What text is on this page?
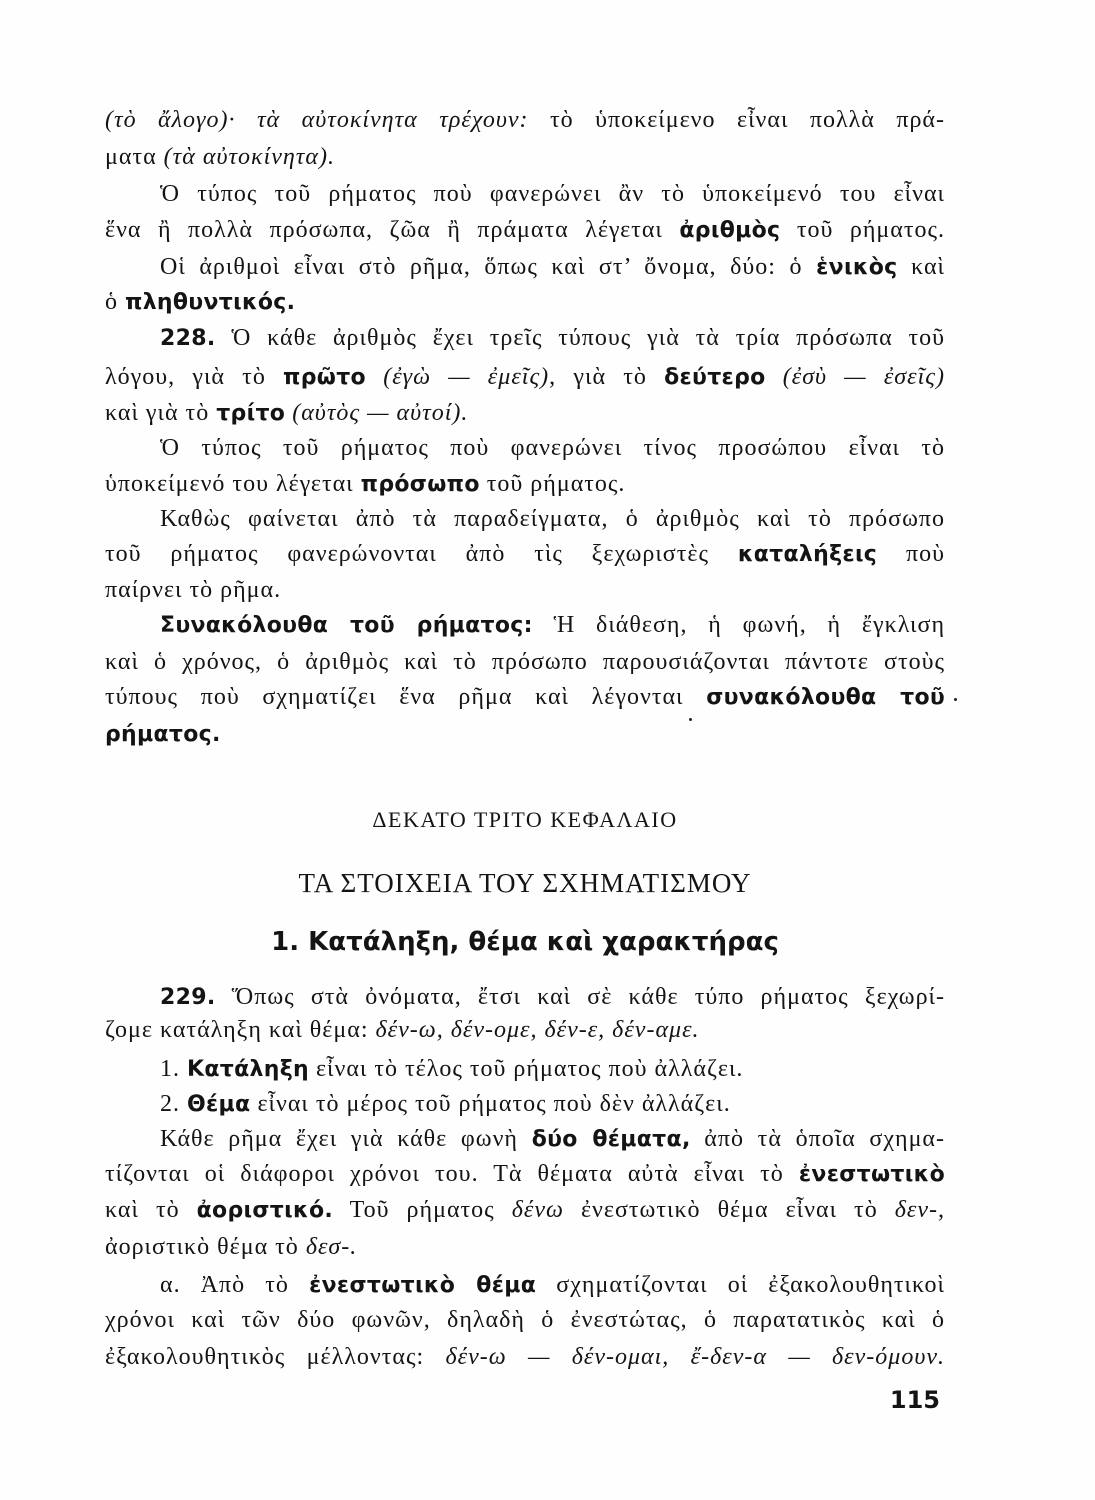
(τὸ ἄλογο)· τὰ αὐτοκίνητα τρέχουν: τὸ ὑποκείμενο εἶναι πολλὰ πρά-
ματα (τὰ αὐτοκίνητα).
Ὁ τύπος τοῦ ρήματος ποὺ φανερώνει ἂν τὸ ὑποκείμενό του εἶναι
ἕνα ἢ πολλὰ πρόσωπα, ζῶα ἢ πράματα λέγεται ἀριθμὸς τοῦ ρήματος.
Οἱ ἀριθμοὶ εἶναι στὸ ρῆμα, ὅπως καὶ στ’ ὄνομα, δύο: ὁ ἑνικὸς καὶ
ὁ πληθυντικός.
228. Ὁ κάθε ἀριθμὸς ἔχει τρεῖς τύπους γιὰ τὰ τρία πρόσωπα τοῦ
λόγου, γιὰ τὸ πρῶτο (ἐγὼ — ἐμεῖς), γιὰ τὸ δεύτερο (ἐσὺ — ἐσεῖς)
καὶ γιὰ τὸ τρίτο (αὐτὸς — αὐτοί).
Ὁ τύπος τοῦ ρήματος ποὺ φανερώνει τίνος προσώπου εἶναι τὸ
ὑποκείμενό του λέγεται πρόσωπο τοῦ ρήματος.
Καθὼς φαίνεται ἀπὸ τὰ παραδείγματα, ὁ ἀριθμὸς καὶ τὸ πρόσωπο
τοῦ ρήματος φανερώνονται ἀπὸ τὶς ξεχωριστὲς καταλήξεις ποὺ
παίρνει τὸ ρῆμα.
Συνακόλουθα τοῦ ρήματος: Ἡ διάθεση, ἡ φωνή, ἡ ἔγκλιση
καὶ ὁ χρόνος, ὁ ἀριθμὸς καὶ τὸ πρόσωπο παρουσιάζονται πάντοτε στοὺς
τύπους ποὺ σχηματίζει ἕνα ρῆμα καὶ λέγονται συνακόλουθα τοῦ
ρήματος.
ΔΕΚΑΤΟ ΤΡΙΤΟ ΚΕΦΑΛΑΙΟ
ΤΑ ΣΤΟΙΧΕΙΑ ΤΟΥ ΣΧΗΜΑΤΙΣΜΟΥ
1. Κατάληξη, θέμα καὶ χαρακτήρας
229. Ὅπως στὰ ὀνόματα, ἔτσι καὶ σὲ κάθε τύπο ρήματος ξεχωρί-
ζομε κατάληξη καὶ θέμα: δέν-ω, δέν-ομε, δέν-ε, δέν-αμε.
1. Κατάληξη εἶναι τὸ τέλος τοῦ ρήματος ποὺ ἀλλάζει.
2. Θέμα εἶναι τὸ μέρος τοῦ ρήματος ποὺ δὲν ἀλλάζει.
Κάθε ρῆμα ἔχει γιὰ κάθε φωνὴ δύο θέματα, ἀπὸ τὰ ὁποῖα σχημα-
τίζονται οἱ διάφοροι χρόνοι του. Τὰ θέματα αὐτὰ εἶναι τὸ ἐνεστωτικὸ
καὶ τὸ ἀοριστικό. Τοῦ ρήματος δένω ἐνεστωτικὸ θέμα εἶναι τὸ δεν-,
ἀοριστικὸ θέμα τὸ δεσ-.
α. Ἀπὸ τὸ ἐνεστωτικὸ θέμα σχηματίζονται οἱ ἐξακολουθητικοὶ
χρόνοι καὶ τῶν δύο φωνῶν, δηλαδὴ ὁ ἐνεστώτας, ὁ παρατατικὸς καὶ ὁ
ἐξακολουθητικὸς μέλλοντας: δέν-ω — δέν-ομαι, ἔ-δεν-α — δεν-όμουν.
115
